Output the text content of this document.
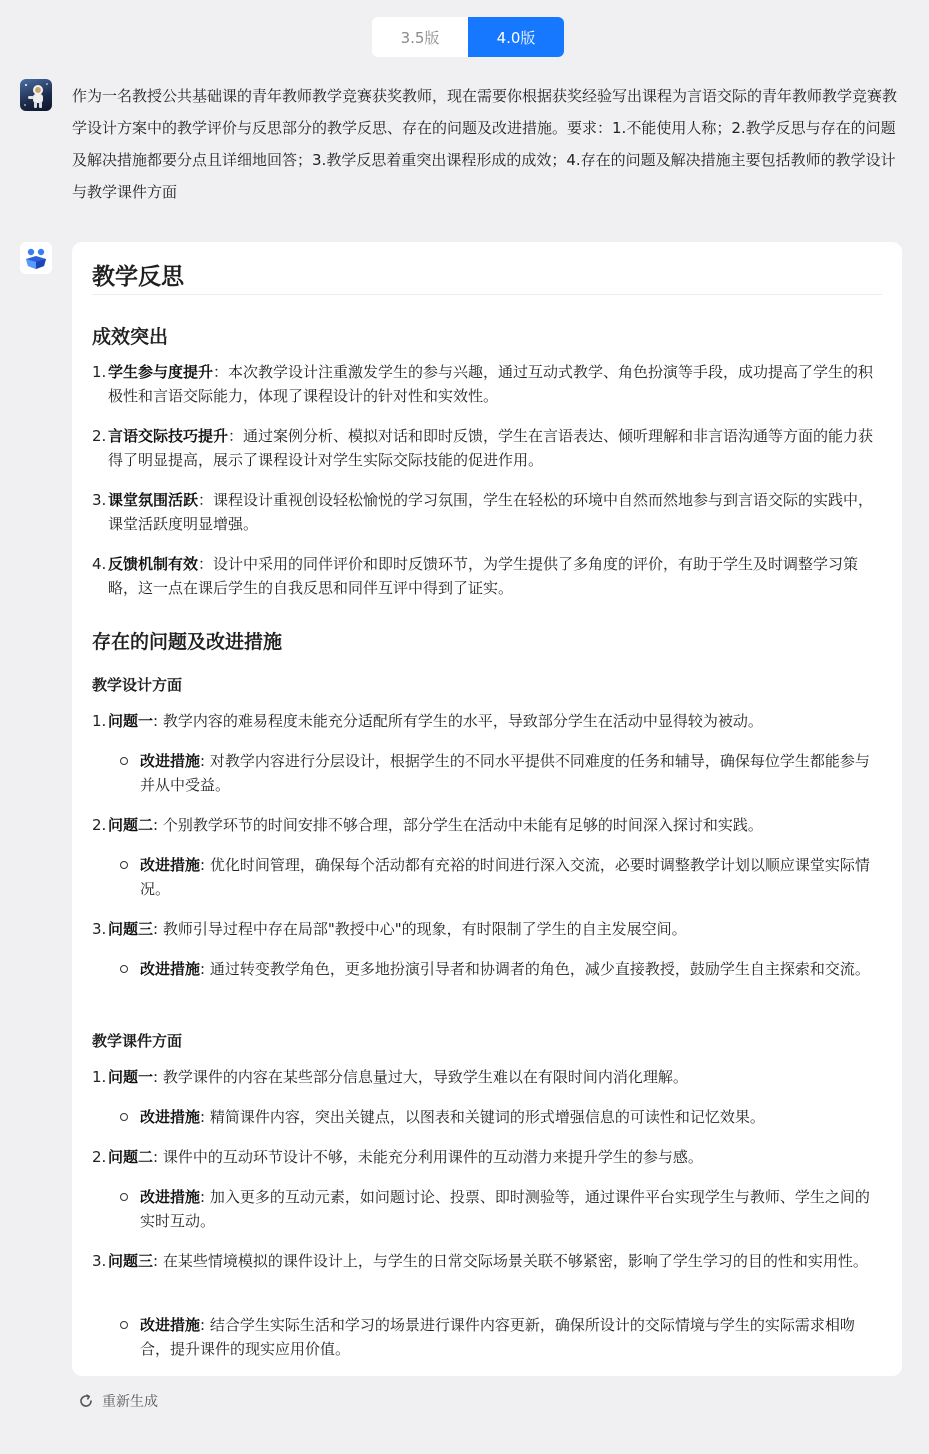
3.5版	4.0版
作为一名教授公共基础课的青年教师教学竞赛获奖教师，现在需要你根据获奖经验写出课程为言语交际的青年教师教学竞赛教学设计方案中的教学评价与反思部分的教学反思、存在的问题及改进措施。要求：1.不能使用人称；2.教学反思与存在的问题及解决措施都要分点且详细地回答；3.教学反思着重突出课程形成的成效；4.存在的问题及解决措施主要包括教师的教学设计与教学课件方面
教学反思
成效突出
1. 学生参与度提升：本次教学设计注重激发学生的参与兴趣，通过互动式教学、角色扮演等手段，成功提高了学生的积极性和言语交际能力，体现了课程设计的针对性和实效性。
2. 言语交际技巧提升：通过案例分析、模拟对话和即时反馈，学生在言语表达、倾听理解和非言语沟通等方面的能力获得了明显提高，展示了课程设计对学生实际交际技能的促进作用。
3. 课堂氛围活跃：课程设计重视创设轻松愉悦的学习氛围，学生在轻松的环境中自然而然地参与到言语交际的实践中，课堂活跃度明显增强。
4. 反馈机制有效：设计中采用的同伴评价和即时反馈环节，为学生提供了多角度的评价，有助于学生及时调整学习策略，这一点在课后学生的自我反思和同伴互评中得到了证实。
存在的问题及改进措施
教学设计方面
1. 问题一: 教学内容的难易程度未能充分适配所有学生的水平，导致部分学生在活动中显得较为被动。
改进措施: 对教学内容进行分层设计，根据学生的不同水平提供不同难度的任务和辅导，确保每位学生都能参与并从中受益。
2. 问题二: 个别教学环节的时间安排不够合理，部分学生在活动中未能有足够的时间深入探讨和实践。
改进措施: 优化时间管理，确保每个活动都有充裕的时间进行深入交流，必要时调整教学计划以顺应课堂实际情况。
3. 问题三: 教师引导过程中存在局部"教授中心"的现象，有时限制了学生的自主发展空间。
改进措施: 通过转变教学角色，更多地扮演引导者和协调者的角色，减少直接教授，鼓励学生自主探索和交流。
教学课件方面
1. 问题一: 教学课件的内容在某些部分信息量过大，导致学生难以在有限时间内消化理解。
改进措施: 精简课件内容，突出关键点，以图表和关键词的形式增强信息的可读性和记忆效果。
2. 问题二: 课件中的互动环节设计不够，未能充分利用课件的互动潜力来提升学生的参与感。
改进措施: 加入更多的互动元素，如问题讨论、投票、即时测验等，通过课件平台实现学生与教师、学生之间的实时互动。
3. 问题三: 在某些情境模拟的课件设计上，与学生的日常交际场景关联不够紧密，影响了学生学习的目的性和实用性。
改进措施: 结合学生实际生活和学习的场景进行课件内容更新，确保所设计的交际情境与学生的实际需求相吻合，提升课件的现实应用价值。
重新生成
